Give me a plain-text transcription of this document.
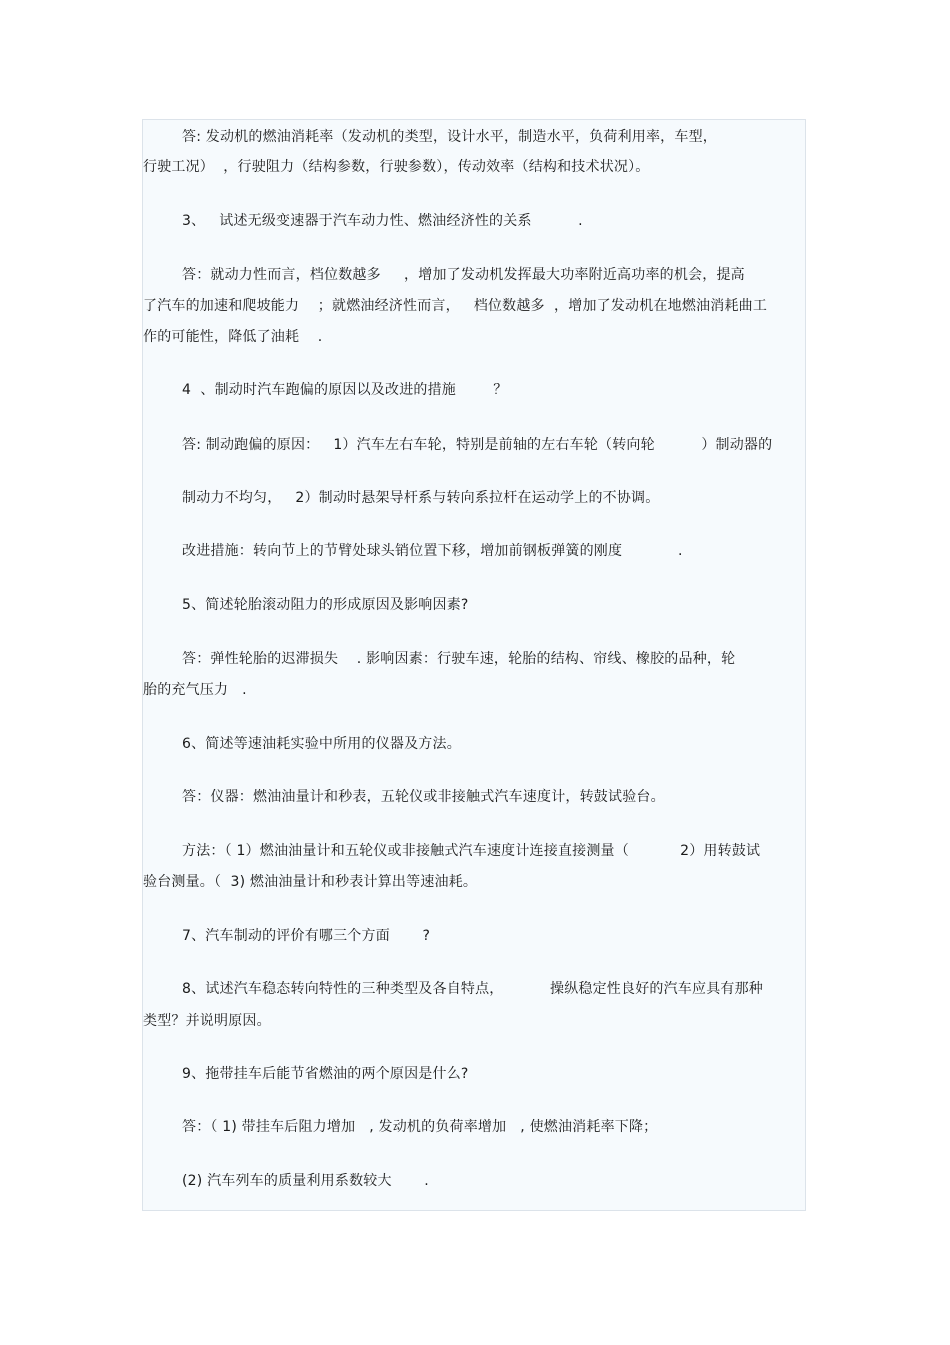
答: 发动机的燃油消耗率（发动机的类型，设计水平，制造水平，负荷利用率，车型，
行驶工况）  ，行驶阻力（结构参数，行驶参数），传动效率（结构和技术状况）。
3、   试述无级变速器于汽车动力性、燃油经济性的关系          .
答：就动力性而言，档位数越多     ，增加了发动机发挥最大功率附近高功率的机会，提高
了汽车的加速和爬坡能力    ；就燃油经济性而言，   档位数越多  ，增加了发动机在地燃油消耗曲工
作的可能性，降低了油耗    .
4  、制动时汽车跑偏的原因以及改进的措施        ？
答: 制动跑偏的原因：   1）汽车左右车轮，特别是前轴的左右车轮（转向轮          ）制动器的
制动力不均匀，   2）制动时悬架导杆系与转向系拉杆在运动学上的不协调。
改进措施：转向节上的节臂处球头销位置下移，增加前钢板弹簧的刚度            .
5、简述轮胎滚动阻力的形成原因及影响因素?
答：弹性轮胎的迟滞损失    . 影响因素：行驶车速，轮胎的结构、帘线、橡胶的品种，轮
胎的充气压力   .
6、简述等速油耗实验中所用的仪器及方法。
答：仪器：燃油油量计和秒表，五轮仪或非接触式汽车速度计，转鼓试验台。
方法：（ 1）燃油油量计和五轮仪或非接触式汽车速度计连接直接测量（           2）用转鼓试
验台测量。（  3) 燃油油量计和秒表计算出等速油耗。
7、汽车制动的评价有哪三个方面       ?
8、试述汽车稳态转向特性的三种类型及各自特点，          操纵稳定性良好的汽车应具有那种
类型？并说明原因。
9、拖带挂车后能节省燃油的两个原因是什么?
答：（ 1) 带挂车后阻力增加   , 发动机的负荷率增加   , 使燃油消耗率下降；
(2) 汽车列车的质量利用系数较大       .
